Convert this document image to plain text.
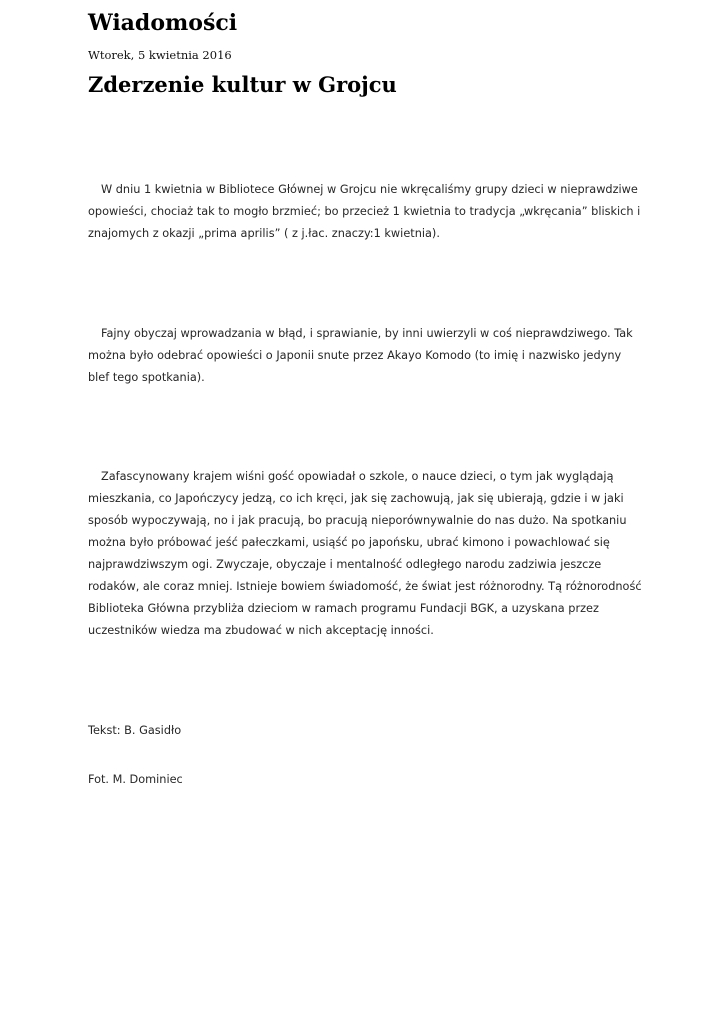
Wiadomości

Wtorek, 5 kwietnia 2016

Zderzenie kultur w Grojcu

W dniu 1 kwietnia w Bibliotece Głównej w Grojcu nie wkręcaliśmy grupy dzieci w nieprawdziwe opowieści, chociaż tak to mogło brzmieć; bo przecież 1 kwietnia to tradycja „wkręcania” bliskich i znajomych z okazji „prima aprilis” ( z j.łac. znaczy:1 kwietnia).

Fajny obyczaj wprowadzania w błąd, i sprawianie, by inni uwierzyli w coś nieprawdziwego. Tak można było odebrać opowieści o Japonii snute przez Akayo Komodo (to imię i nazwisko jedyny blef tego spotkania).

Zafascynowany krajem wiśni gość opowiadał o szkole, o nauce dzieci, o tym jak wyglądają mieszkania, co Japończycy jedzą, co ich kręci, jak się zachowują, jak się ubierają, gdzie i w jaki sposób wypoczywają, no i jak pracują, bo pracują nieporównywalnie do nas dużo. Na spotkaniu można było próbować jeść pałeczkami, usiąść po japońsku, ubrać kimono i powachlować się najprawdziwszym ogi. Zwyczaje, obyczaje i mentalność odległego narodu zadziwia jeszcze rodaków, ale coraz mniej. Istnieje bowiem świadomość, że świat jest różnorodny. Tą różnorodność Biblioteka Główna przybliża dzieciom w ramach programu Fundacji BGK, a uzyskana przez uczestników wiedza ma zbudować w nich akceptację inności.

Tekst: B. Gasidło

Fot. M. Dominiec
